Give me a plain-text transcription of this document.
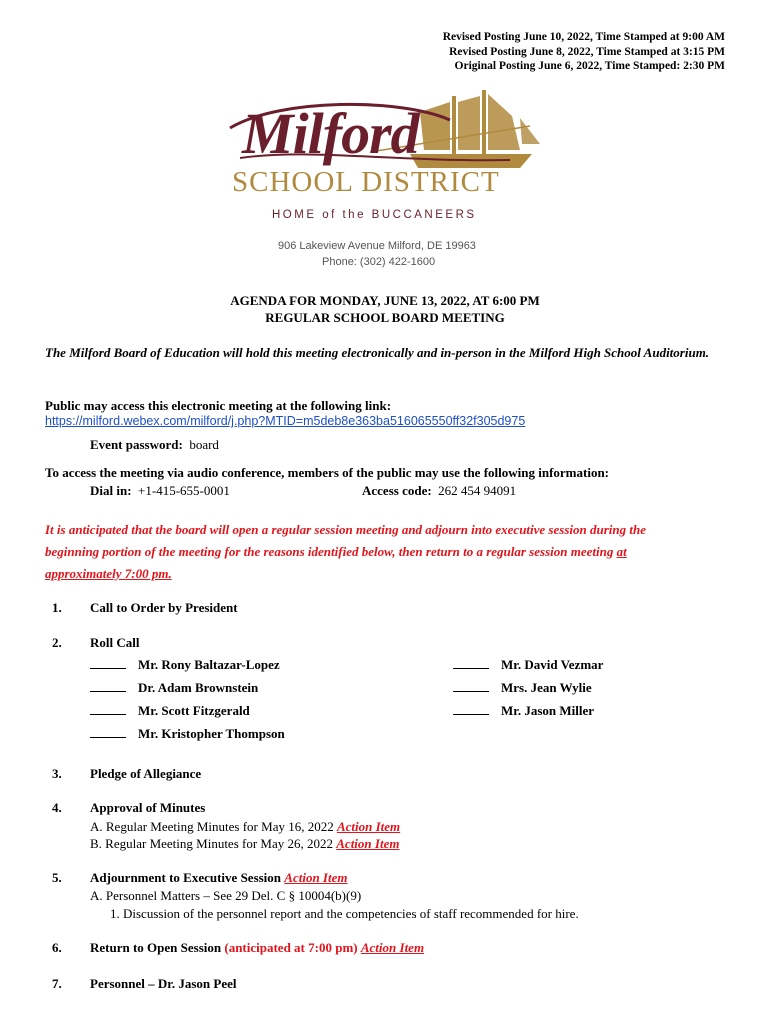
Revised Posting June 10, 2022, Time Stamped at 9:00 AM
Revised Posting June 8, 2022, Time Stamped at 3:15 PM
Original Posting June 6, 2022, Time Stamped: 2:30 PM
Milford
SCHOOL DISTRICT
HOME of the BUCCANEERS
906 Lakeview Avenue Milford, DE 19963
Phone: (302) 422-1600
AGENDA FOR MONDAY, JUNE 13, 2022, AT 6:00 PM
REGULAR SCHOOL BOARD MEETING
The Milford Board of Education will hold this meeting electronically and in-person in the Milford High School Auditorium.
Public may access this electronic meeting at the following link:
https://milford.webex.com/milford/j.php?MTID=m5deb8e363ba516065550ff32f305d975
Event password: board
To access the meeting via audio conference, members of the public may use the following information:
Dial in: +1-415-655-0001	Access code: 262 454 94091
It is anticipated that the board will open a regular session meeting and adjourn into executive session during the beginning portion of the meeting for the reasons identified below, then return to a regular session meeting at approximately 7:00 pm.
1. Call to Order by President
2. Roll Call
Mr. Rony Baltazar-Lopez
Dr. Adam Brownstein
Mr. Scott Fitzgerald
Mr. Kristopher Thompson
Mr. David Vezmar
Mrs. Jean Wylie
Mr. Jason Miller
3. Pledge of Allegiance
4. Approval of Minutes
A. Regular Meeting Minutes for May 16, 2022 Action Item
B. Regular Meeting Minutes for May 26, 2022 Action Item
5. Adjournment to Executive Session Action Item
A. Personnel Matters – See 29 Del. C § 10004(b)(9)
1. Discussion of the personnel report and the competencies of staff recommended for hire.
6. Return to Open Session (anticipated at 7:00 pm) Action Item
7. Personnel – Dr. Jason Peel
